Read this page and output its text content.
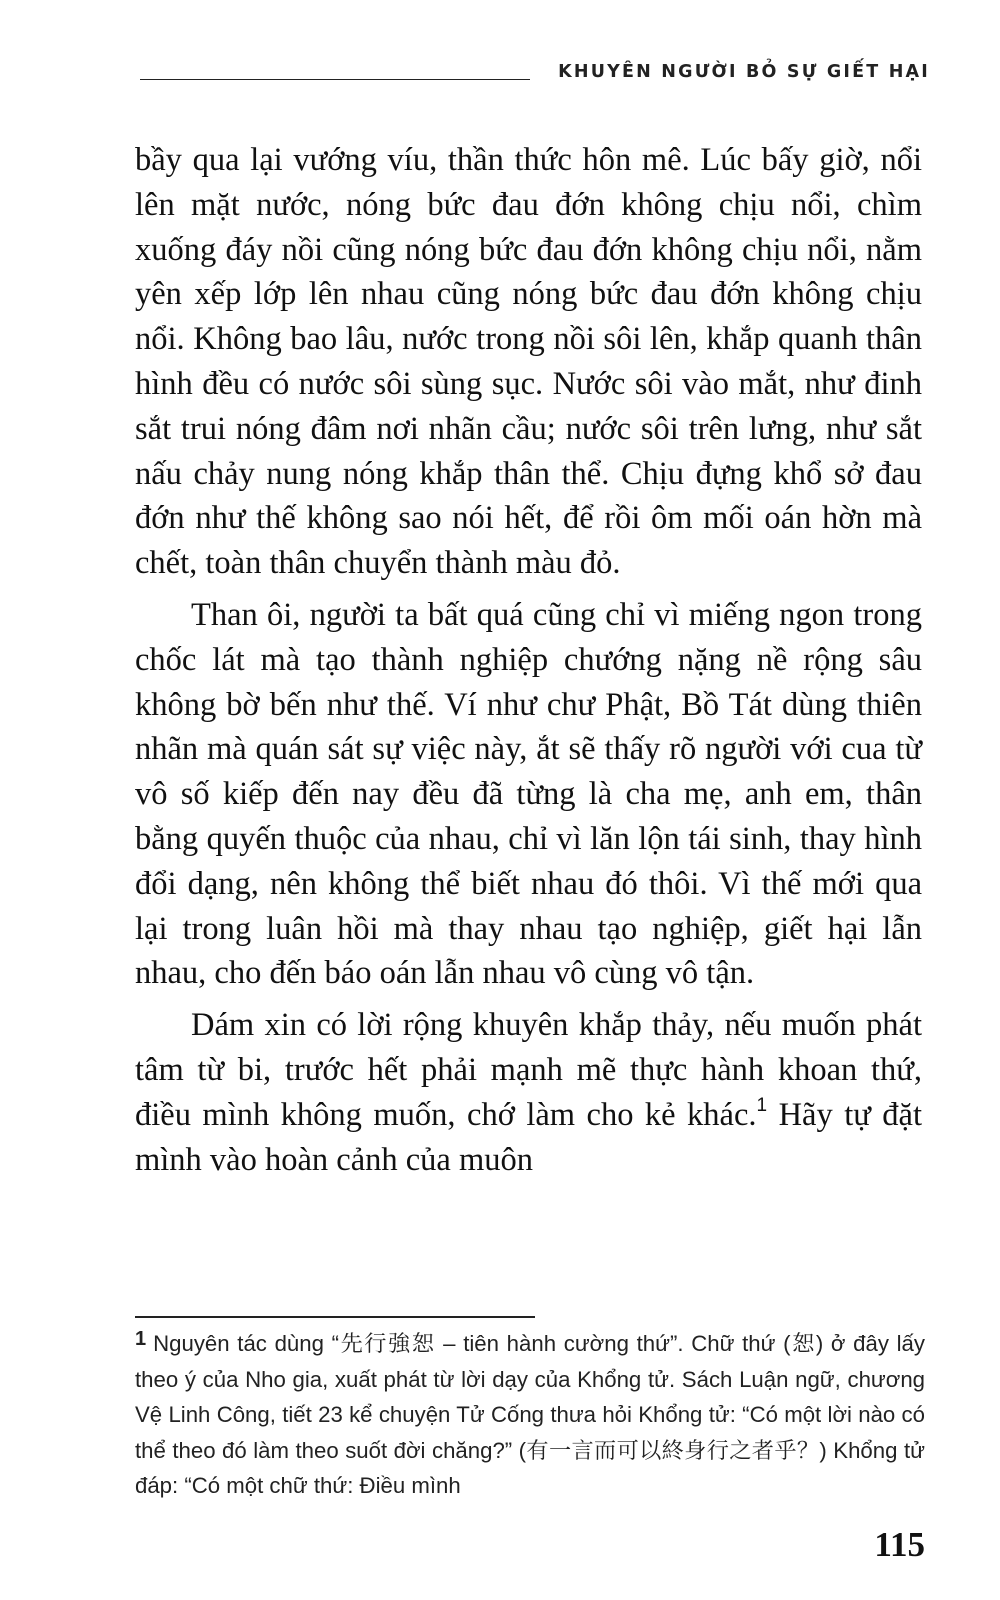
KHUYÊN NGƯỜI BỎ SỰ GIẾT HẠI

bầy qua lại vướng víu, thần thức hôn mê. Lúc bấy giờ, nổi lên mặt nước, nóng bức đau đớn không chịu nổi, chìm xuống đáy nồi cũng nóng bức đau đớn không chịu nổi, nằm yên xếp lớp lên nhau cũng nóng bức đau đớn không chịu nổi. Không bao lâu, nước trong nồi sôi lên, khắp quanh thân hình đều có nước sôi sùng sục. Nước sôi vào mắt, như đinh sắt trui nóng đâm nơi nhãn cầu; nước sôi trên lưng, như sắt nấu chảy nung nóng khắp thân thể. Chịu đựng khổ sở đau đớn như thế không sao nói hết, để rồi ôm mối oán hờn mà chết, toàn thân chuyển thành màu đỏ.

Than ôi, người ta bất quá cũng chỉ vì miếng ngon trong chốc lát mà tạo thành nghiệp chướng nặng nề rộng sâu không bờ bến như thế. Ví như chư Phật, Bồ Tát dùng thiên nhãn mà quán sát sự việc này, ắt sẽ thấy rõ người với cua từ vô số kiếp đến nay đều đã từng là cha mẹ, anh em, thân bằng quyến thuộc của nhau, chỉ vì lăn lộn tái sinh, thay hình đổi dạng, nên không thể biết nhau đó thôi. Vì thế mới qua lại trong luân hồi mà thay nhau tạo nghiệp, giết hại lẫn nhau, cho đến báo oán lẫn nhau vô cùng vô tận.

Dám xin có lời rộng khuyên khắp thảy, nếu muốn phát tâm từ bi, trước hết phải mạnh mẽ thực hành khoan thứ, điều mình không muốn, chớ làm cho kẻ khác.$^1$ Hãy tự đặt mình vào hoàn cảnh của muôn

1 Nguyên tác dùng “先行強恕 – tiên hành cường thứ”. Chữ thứ (恕) ở đây lấy theo ý của Nho gia, xuất phát từ lời dạy của Khổng tử. Sách Luận ngữ, chương Vệ Linh Công, tiết 23 kể chuyện Tử Cống thưa hỏi Khổng tử: “Có một lời nào có thể theo đó làm theo suốt đời chăng?” (有一言而可以終身行之者乎？) Khổng tử đáp: “Có một chữ thứ: Điều mình

115
